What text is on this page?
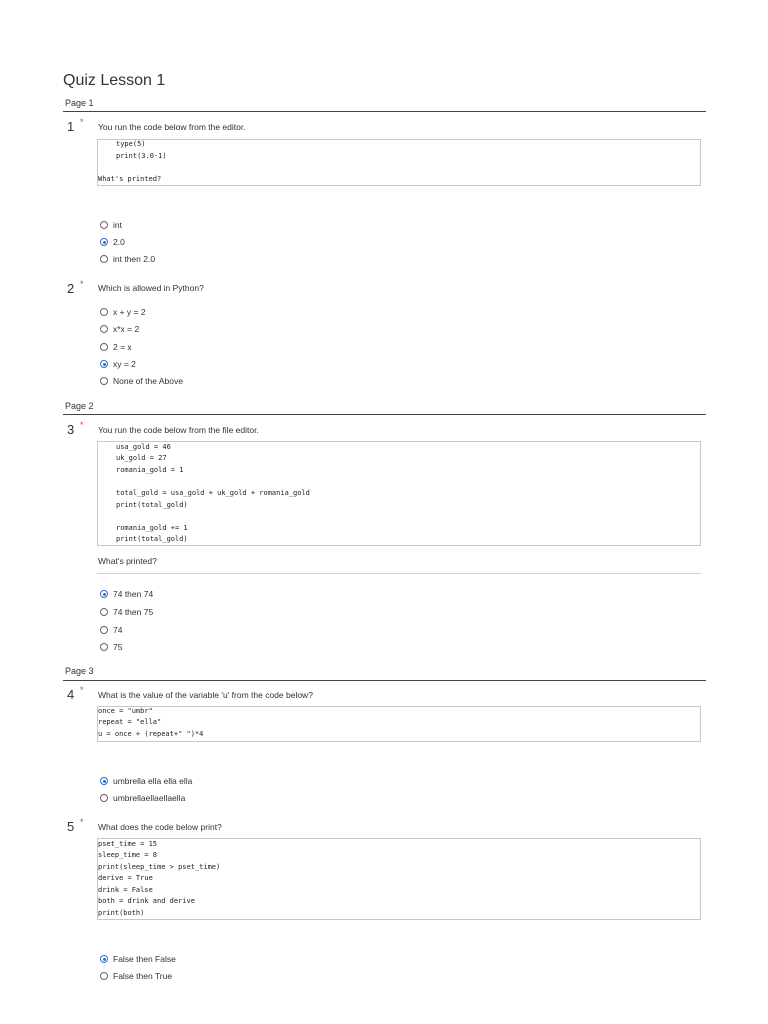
Quiz Lesson 1
Page 1
1 * You run the code below from the editor.
type(5)
print(3.0-1)
What's printed?
int
2.0
int then 2.0
2 * Which is allowed in Python?
x + y = 2
x*x = 2
2 = x
xy = 2
None of the Above
Page 2
3 * You run the code below from the file editor.
usa_gold = 46
uk_gold = 27
romania_gold = 1
total_gold = usa_gold + uk_gold + romania_gold
print(total_gold)
romania_gold += 1
print(total_gold)
What's printed?
74 then 74
74 then 75
74
75
Page 3
4 * What is the value of the variable 'u' from the code below?
once = "umbr"
repeat = "ella"
u = once + (repeat+" ")*4
umbrella ella ella ella
umbrellaellaellaella
5 * What does the code below print?
pset_time = 15
sleep_time = 8
print(sleep_time > pset_time)
derive = True
drink = False
both = drink and derive
print(both)
False then False
False then True
